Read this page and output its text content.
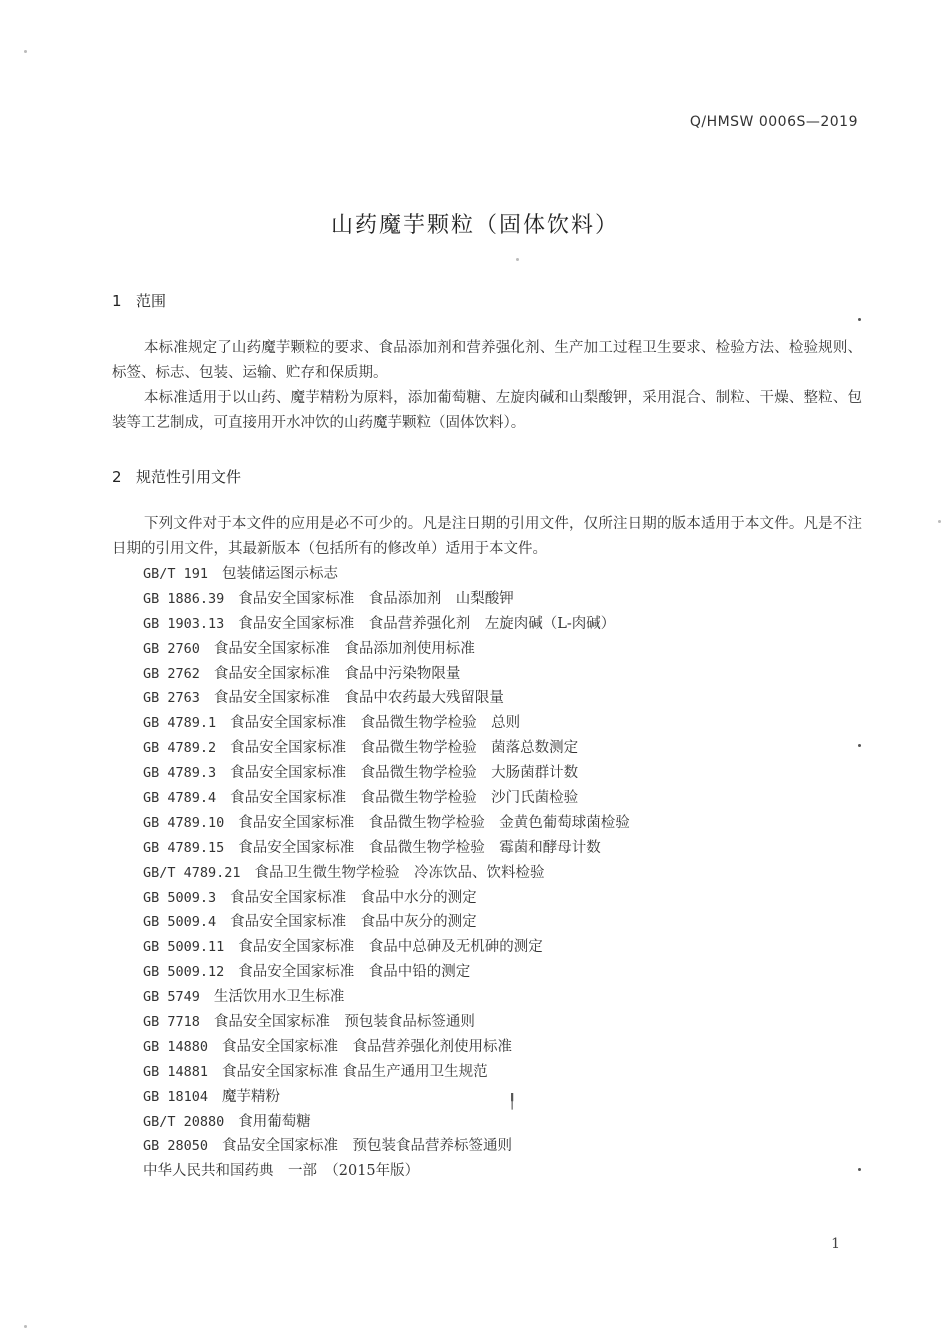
Q/HMSW 0006S—2019
山药魔芋颗粒（固体饮料）
1 范围
本标准规定了山药魔芋颗粒的要求、食品添加剂和营养强化剂、生产加工过程卫生要求、检验方法、检验规则、标签、标志、包装、运输、贮存和保质期。
本标准适用于以山药、魔芋精粉为原料，添加葡萄糖、左旋肉碱和山梨酸钾，采用混合、制粒、干燥、整粒、包装等工艺制成，可直接用开水冲饮的山药魔芋颗粒（固体饮料）。
2 规范性引用文件
下列文件对于本文件的应用是必不可少的。凡是注日期的引用文件，仅所注日期的版本适用于本文件。凡是不注日期的引用文件，其最新版本（包括所有的修改单）适用于本文件。
GB/T 191 包装储运图示标志
GB 1886.39 食品安全国家标准　食品添加剂　山梨酸钾
GB 1903.13 食品安全国家标准　食品营养强化剂　左旋肉碱（L-肉碱）
GB 2760 食品安全国家标准　食品添加剂使用标准
GB 2762 食品安全国家标准　食品中污染物限量
GB 2763 食品安全国家标准　食品中农药最大残留限量
GB 4789.1 食品安全国家标准　食品微生物学检验　总则
GB 4789.2 食品安全国家标准　食品微生物学检验　菌落总数测定
GB 4789.3 食品安全国家标准　食品微生物学检验　大肠菌群计数
GB 4789.4 食品安全国家标准　食品微生物学检验　沙门氏菌检验
GB 4789.10 食品安全国家标准　食品微生物学检验　金黄色葡萄球菌检验
GB 4789.15 食品安全国家标准　食品微生物学检验　霉菌和酵母计数
GB/T 4789.21 食品卫生微生物学检验　冷冻饮品、饮料检验
GB 5009.3 食品安全国家标准　食品中水分的测定
GB 5009.4 食品安全国家标准　食品中灰分的测定
GB 5009.11 食品安全国家标准　食品中总砷及无机砷的测定
GB 5009.12 食品安全国家标准　食品中铅的测定
GB 5749 生活饮用水卫生标准
GB 7718 食品安全国家标准　预包装食品标签通则
GB 14880 食品安全国家标准　食品营养强化剂使用标准
GB 14881 食品安全国家标准 食品生产通用卫生规范
GB 18104 魔芋精粉
GB/T 20880 食用葡萄糖
GB 28050 食品安全国家标准　预包装食品营养标签通则
中华人民共和国药典　一部　（2015年版）
1
╿
